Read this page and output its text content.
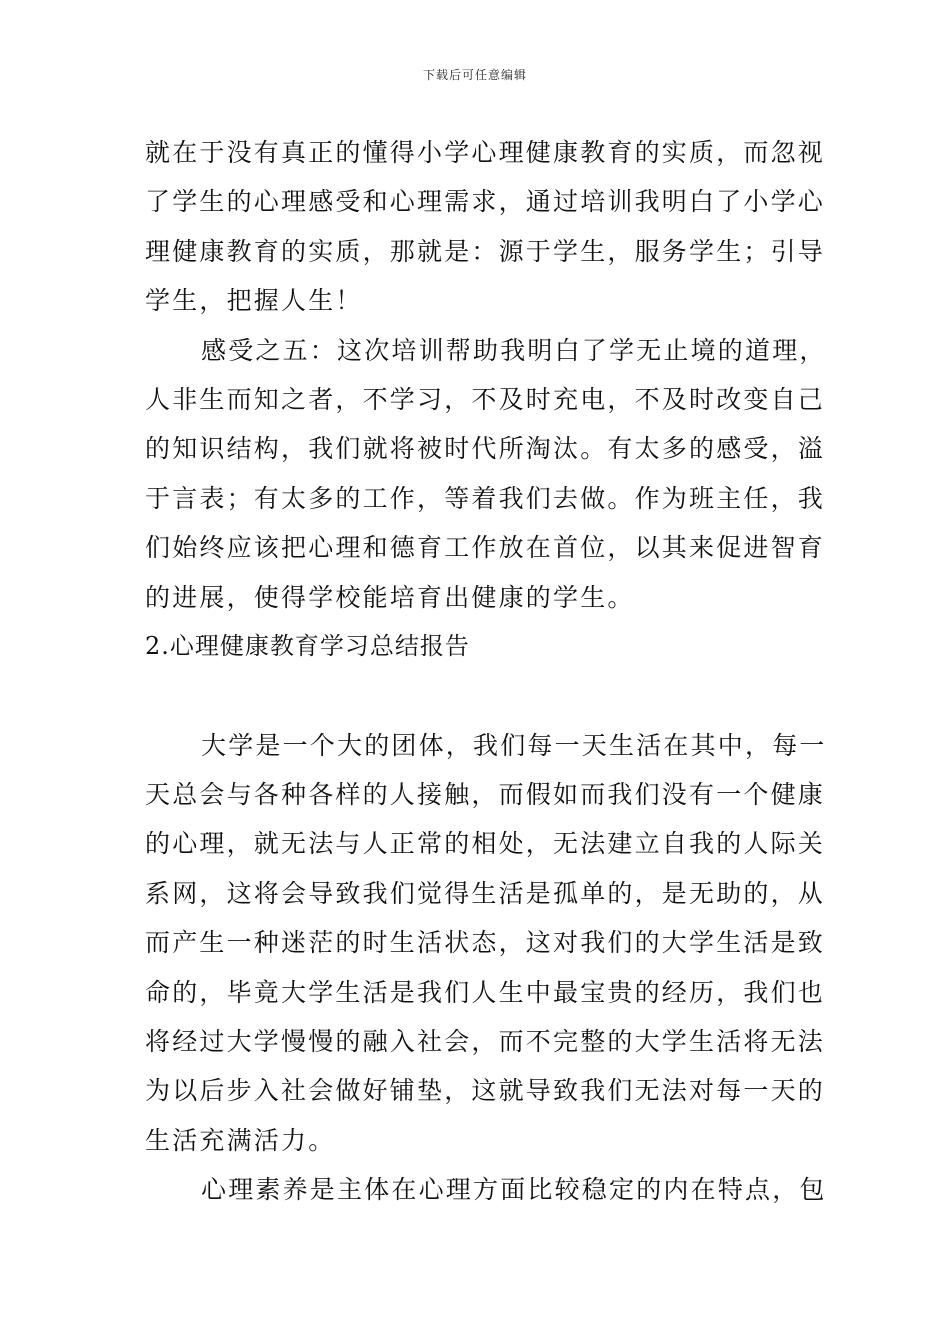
下载后可任意编辑
就在于没有真正的懂得小学心理健康教育的实质，而忽视
了学生的心理感受和心理需求，通过培训我明白了小学心
理健康教育的实质，那就是：源于学生，服务学生；引导
学生，把握人生！
感受之五：这次培训帮助我明白了学无止境的道理，
人非生而知之者，不学习，不及时充电，不及时改变自己
的知识结构，我们就将被时代所淘汰。有太多的感受，溢
于言表；有太多的工作，等着我们去做。作为班主任，我
们始终应该把心理和德育工作放在首位，以其来促进智育
的进展，使得学校能培育出健康的学生。
2.心理健康教育学习总结报告
大学是一个大的团体，我们每一天生活在其中，每一
天总会与各种各样的人接触，而假如而我们没有一个健康
的心理，就无法与人正常的相处，无法建立自我的人际关
系网，这将会导致我们觉得生活是孤单的，是无助的，从
而产生一种迷茫的时生活状态，这对我们的大学生活是致
命的，毕竟大学生活是我们人生中最宝贵的经历，我们也
将经过大学慢慢的融入社会，而不完整的大学生活将无法
为以后步入社会做好铺垫，这就导致我们无法对每一天的
生活充满活力。
心理素养是主体在心理方面比较稳定的内在特点，包
